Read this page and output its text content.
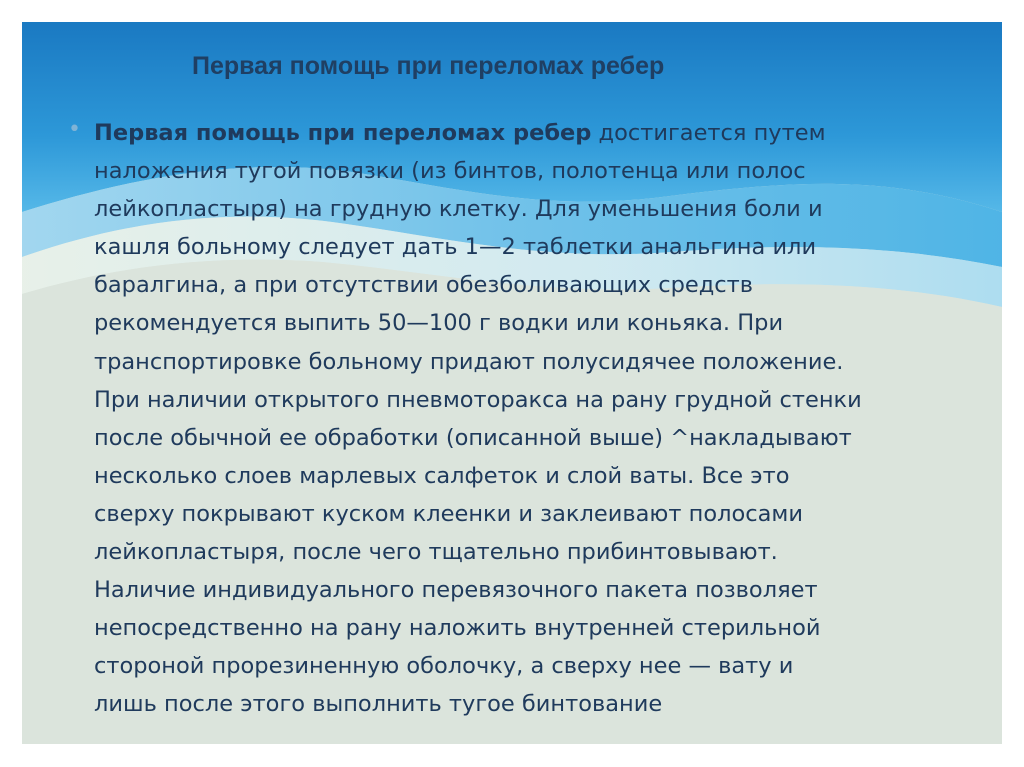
Первая помощь при переломах ребер
• Первая помощь при переломах ребер достигается путем
наложения тугой повязки (из бинтов, полотенца или полос
лейкопластыря) на грудную клетку. Для уменьшения боли и
кашля больному следует дать 1—2 таблетки анальгина или
баралгина, а при отсутствии обезболивающих средств
рекомендуется выпить 50—100 г водки или коньяка. При
транспортировке больному придают полусидячее положение.
При наличии открытого пневмоторакса на рану грудной стенки
после обычной ее обработки (описанной выше) ^накладывают
несколько слоев марлевых салфеток и слой ваты. Все это
сверху покрывают куском клеенки и заклеивают полосами
лейкопластыря, после чего тщательно прибинтовывают.
Наличие индивидуального перевязочного пакета позволяет
непосредственно на рану наложить внутренней стерильной
стороной прорезиненную оболочку, а сверху нее — вату и
лишь после этого выполнить тугое бинтование
